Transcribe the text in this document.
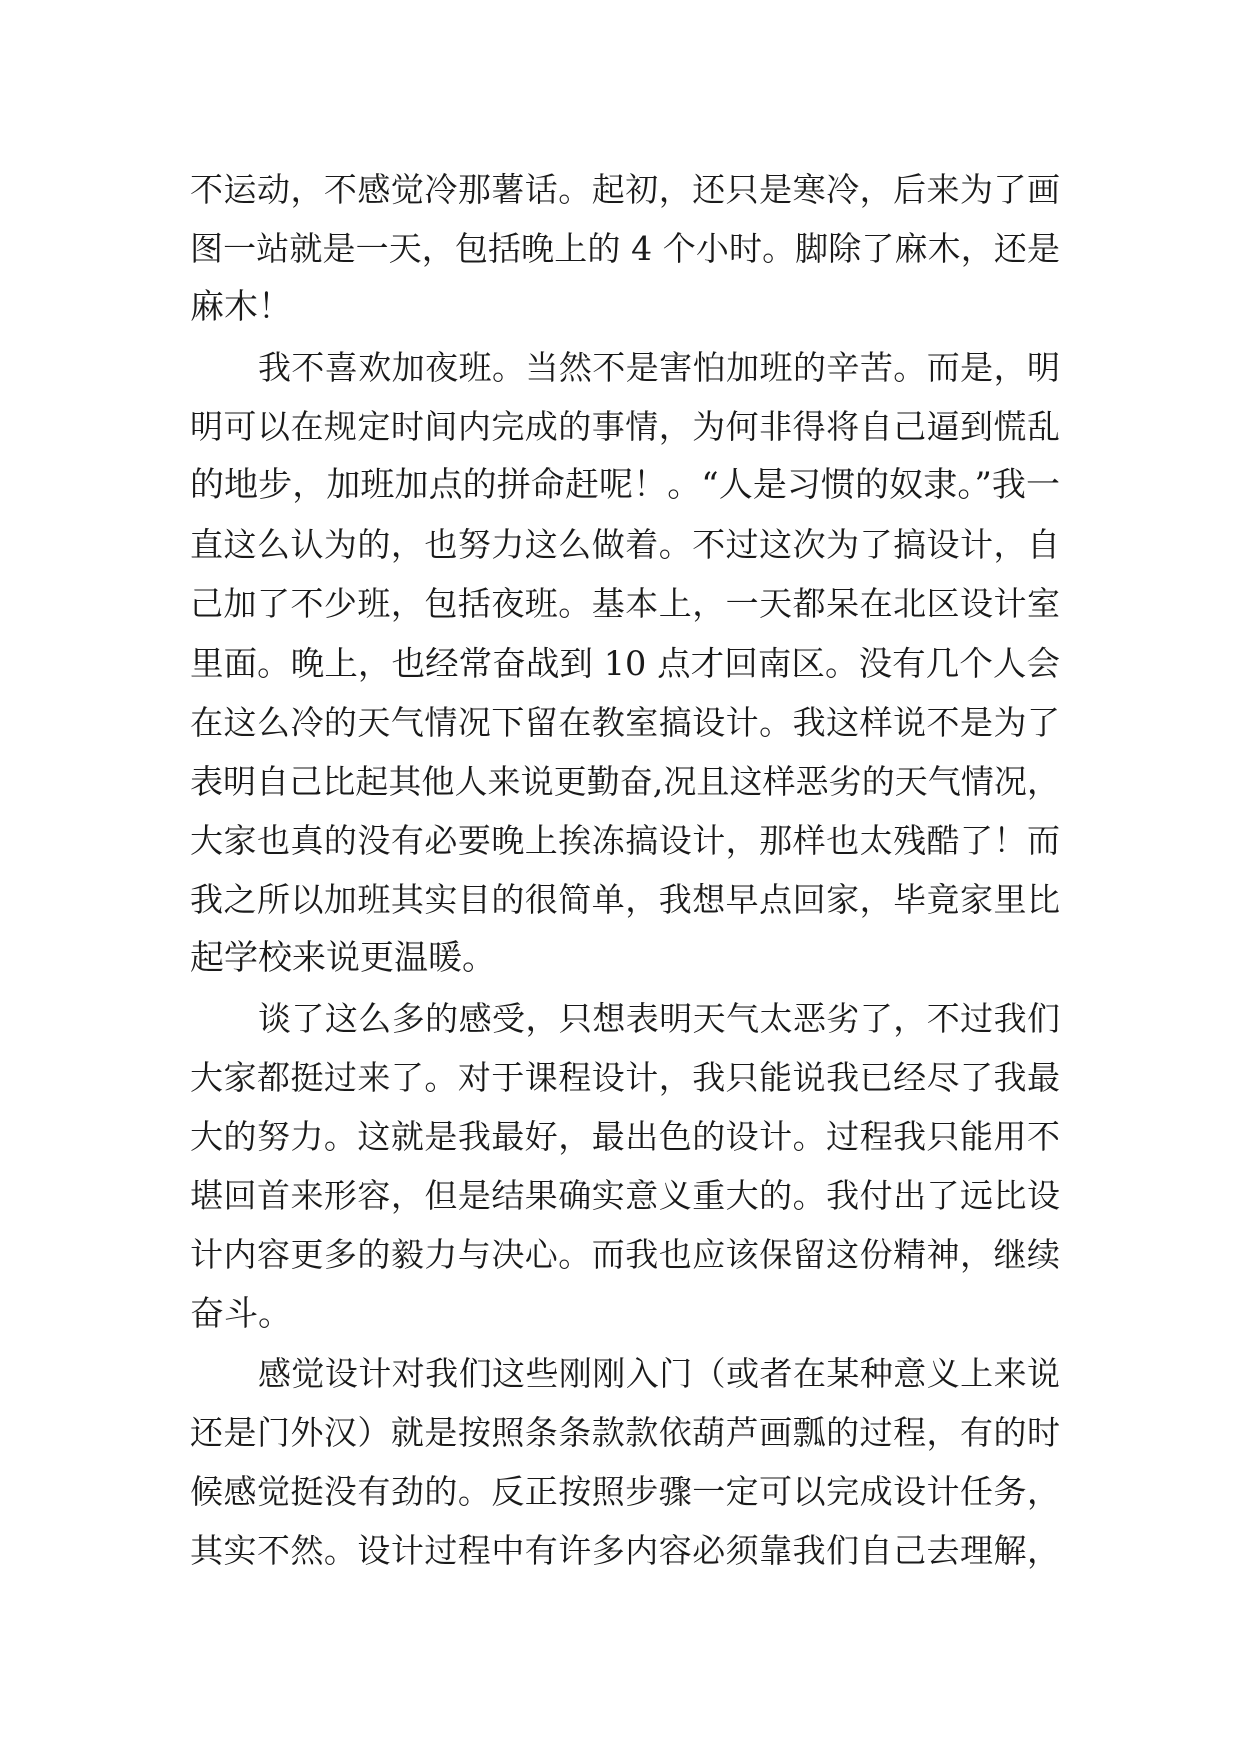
不运动，不感觉冷那薯话。起初，还只是寒冷，后来为了画
图一站就是一天，包括晚上的 4 个小时。脚除了麻木，还是
麻木！
我不喜欢加夜班。当然不是害怕加班的辛苦。而是，明
明可以在规定时间内完成的事情，为何非得将自己逼到慌乱
的地步，加班加点的拼命赶呢！。“人是习惯的奴隶。”我一
直这么认为的，也努力这么做着。不过这次为了搞设计，自
己加了不少班，包括夜班。基本上，一天都呆在北区设计室
里面。晚上，也经常奋战到 10 点才回南区。没有几个人会
在这么冷的天气情况下留在教室搞设计。我这样说不是为了
表明自己比起其他人来说更勤奋,况且这样恶劣的天气情况，
大家也真的没有必要晚上挨冻搞设计，那样也太残酷了！而
我之所以加班其实目的很简单，我想早点回家，毕竟家里比
起学校来说更温暖。
谈了这么多的感受，只想表明天气太恶劣了，不过我们
大家都挺过来了。对于课程设计，我只能说我已经尽了我最
大的努力。这就是我最好，最出色的设计。过程我只能用不
堪回首来形容，但是结果确实意义重大的。我付出了远比设
计内容更多的毅力与决心。而我也应该保留这份精神，继续
奋斗。
感觉设计对我们这些刚刚入门（或者在某种意义上来说
还是门外汉）就是按照条条款款依葫芦画瓢的过程，有的时
候感觉挺没有劲的。反正按照步骤一定可以完成设计任务，
其实不然。设计过程中有许多内容必须靠我们自己去理解，
